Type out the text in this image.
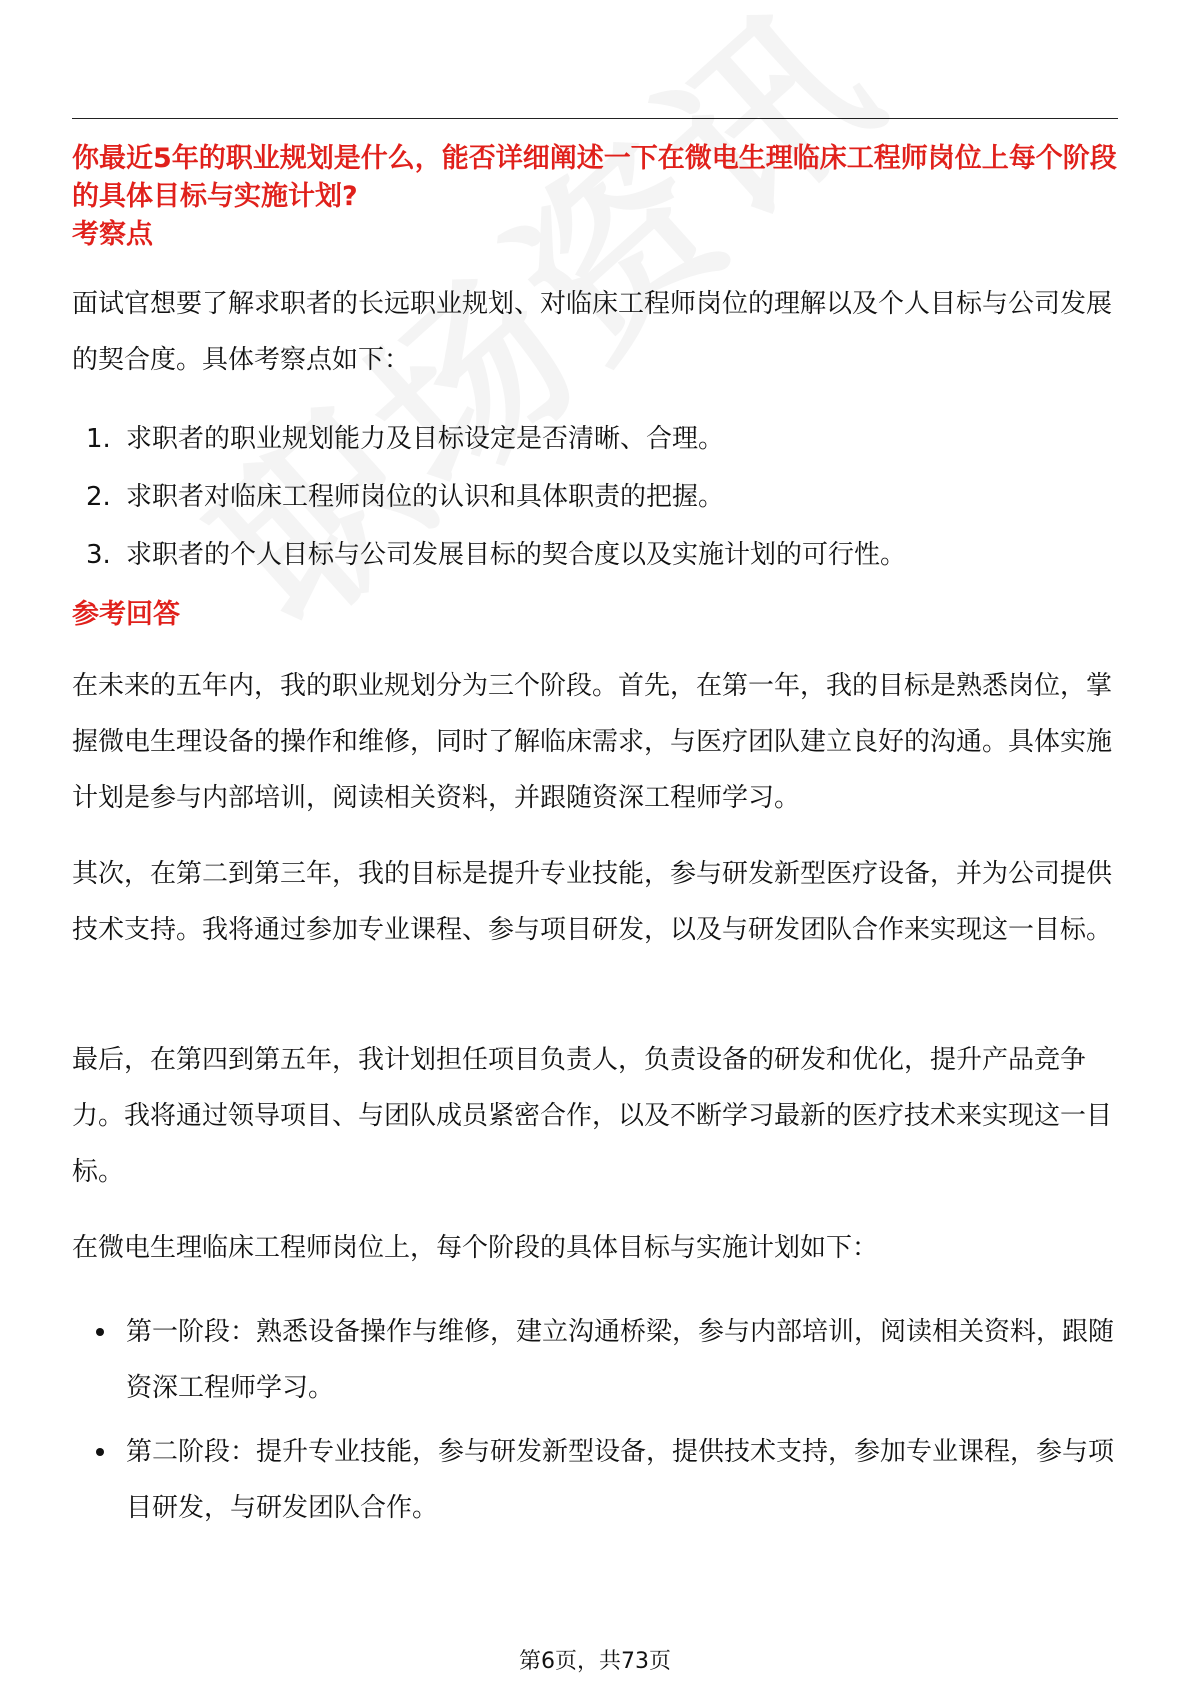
你最近5年的职业规划是什么，能否详细阐述一下在微电生理临床工程师岗位上每个阶段的具体目标与实施计划?
考察点
面试官想要了解求职者的长远职业规划、对临床工程师岗位的理解以及个人目标与公司发展的契合度。具体考察点如下：
1. 求职者的职业规划能力及目标设定是否清晰、合理。
2. 求职者对临床工程师岗位的认识和具体职责的把握。
3. 求职者的个人目标与公司发展目标的契合度以及实施计划的可行性。
参考回答
在未来的五年内，我的职业规划分为三个阶段。首先，在第一年，我的目标是熟悉岗位，掌握微电生理设备的操作和维修，同时了解临床需求，与医疗团队建立良好的沟通。具体实施计划是参与内部培训，阅读相关资料，并跟随资深工程师学习。
其次，在第二到第三年，我的目标是提升专业技能，参与研发新型医疗设备，并为公司提供技术支持。我将通过参加专业课程、参与项目研发，以及与研发团队合作来实现这一目标。
最后，在第四到第五年，我计划担任项目负责人，负责设备的研发和优化，提升产品竞争力。我将通过领导项目、与团队成员紧密合作，以及不断学习最新的医疗技术来实现这一目标。
在微电生理临床工程师岗位上，每个阶段的具体目标与实施计划如下：
第一阶段：熟悉设备操作与维修，建立沟通桥梁，参与内部培训，阅读相关资料，跟随资深工程师学习。
第二阶段：提升专业技能，参与研发新型设备，提供技术支持，参加专业课程，参与项目研发，与研发团队合作。
第6页，共73页
